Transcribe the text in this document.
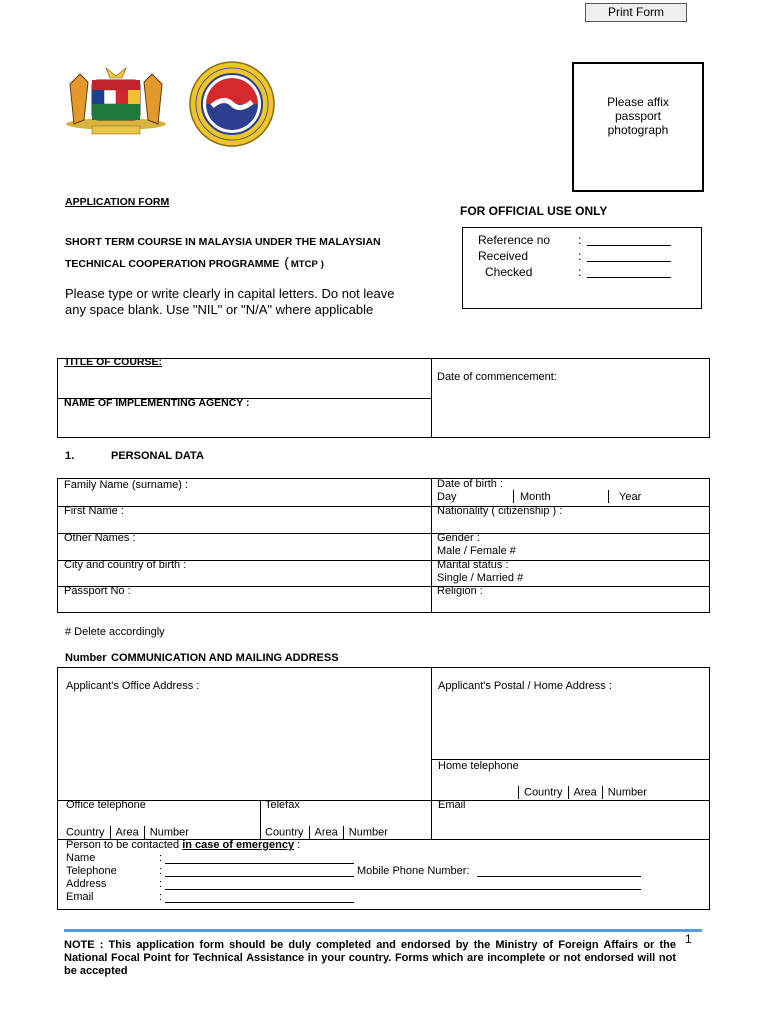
Print Form
Please affix
passport
photograph
APPLICATION FORM
SHORT TERM COURSE IN MALAYSIA UNDER THE MALAYSIAN
TECHNICAL COOPERATION PROGRAMME ( MTCP )
Please type or write clearly in capital letters. Do not leave
any space blank. Use "NIL" or "N/A" where applicable
FOR OFFICIAL USE ONLY
Reference no :
Received	:
Checked	:
TITLE OF COURSE:
NAME OF IMPLEMENTING AGENCY :
Date of commencement:
1.	PERSONAL DATA
Family Name (surname) :	Date of birth :
Day	Month	Year
First Name :	Nationality ( citizenship ) :
Other Names :	Gender :
Male / Female #
City and country of birth :	Marital status :
Single / Married #
Passport No :	Religion :
# Delete accordingly
Number COMMUNICATION AND MAILING ADDRESS
Applicant's Office Address :	Applicant's Postal / Home Address :
Home telephone
Country Area Number
Office telephone
Country Area Number
Telefax
Country Area Number
Email
Person to be contacted in case of emergency :
Name	:
Telephone	:	Mobile Phone Number:
Address	:
Email	:
1
NOTE : This application form should be duly completed and endorsed by the Ministry of Foreign Affairs or the National Focal Point for Technical Assistance in your country. Forms which are incomplete or not endorsed will not be accepted
